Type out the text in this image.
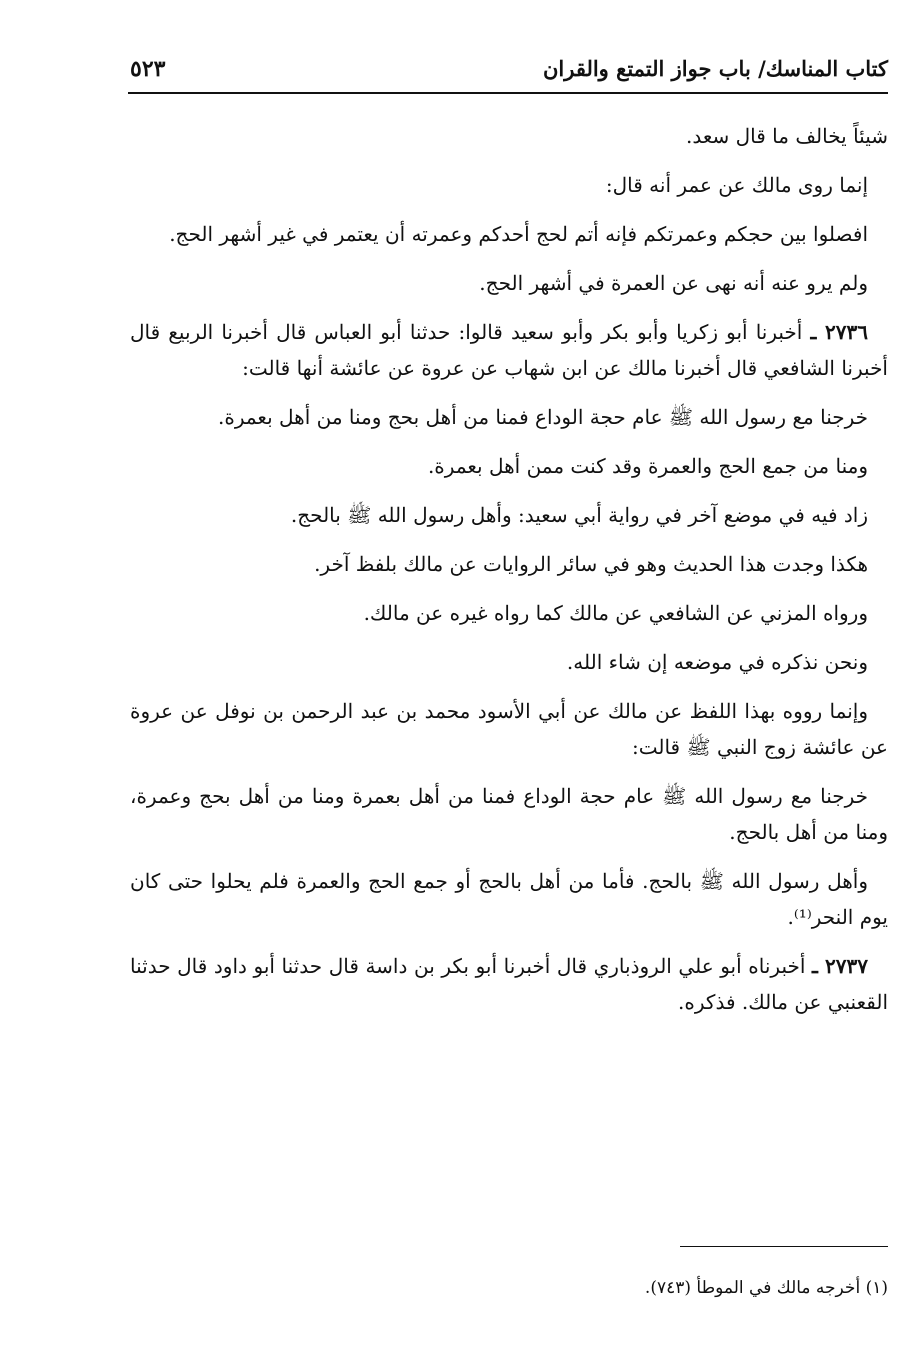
كتاب المناسك/ باب جواز التمتع والقران
٥٢٣

شيئاً يخالف ما قال سعد.

إنما روى مالك عن عمر أنه قال:

افصلوا بين حجكم وعمرتكم فإنه أتم لحج أحدكم وعمرته أن يعتمر في غير أشهر الحج.

ولم يرو عنه أنه نهى عن العمرة في أشهر الحج.

٢٧٣٦ ـ أخبرنا أبو زكريا وأبو بكر وأبو سعيد قالوا: حدثنا أبو العباس قال أخبرنا الربيع قال أخبرنا الشافعي قال أخبرنا مالك عن ابن شهاب عن عروة عن عائشة أنها قالت:

خرجنا مع رسول الله ﷺ عام حجة الوداع فمنا من أهل بحج ومنا من أهل بعمرة.

ومنا من جمع الحج والعمرة وقد كنت ممن أهل بعمرة.

زاد فيه في موضع آخر في رواية أبي سعيد: وأهل رسول الله ﷺ بالحج.

هكذا وجدت هذا الحديث وهو في سائر الروايات عن مالك بلفظ آخر.

ورواه المزني عن الشافعي عن مالك كما رواه غيره عن مالك.

ونحن نذكره في موضعه إن شاء الله.

وإنما رووه بهذا اللفظ عن مالك عن أبي الأسود محمد بن عبد الرحمن بن نوفل عن عروة عن عائشة زوج النبي ﷺ قالت:

خرجنا مع رسول الله ﷺ عام حجة الوداع فمنا من أهل بعمرة ومنا من أهل بحج وعمرة، ومنا من أهل بالحج.

وأهل رسول الله ﷺ بالحج. فأما من أهل بالحج أو جمع الحج والعمرة فلم يحلوا حتى كان يوم النحر⁽¹⁾.

٢٧٣٧ ـ أخبرناه أبو علي الروذباري قال أخبرنا أبو بكر بن داسة قال حدثنا أبو داود قال حدثنا القعنبي عن مالك. فذكره.

(١) أخرجه مالك في الموطأ (٧٤٣).
